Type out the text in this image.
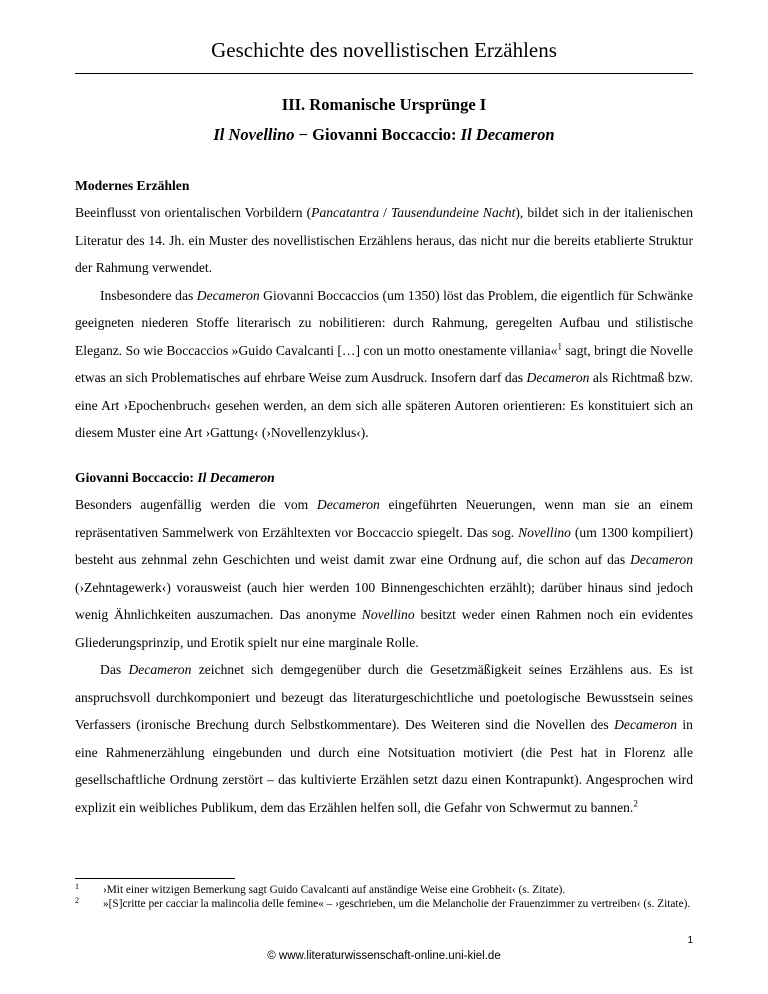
Geschichte des novellistischen Erzählens
III. Romanische Ursprünge I
Il Novellino − Giovanni Boccaccio: Il Decameron

Modernes Erzählen

Beeinflusst von orientalischen Vorbildern (Pancatantra / Tausendundeine Nacht), bildet sich in der italienischen Literatur des 14. Jh. ein Muster des novellistischen Erzählens heraus, das nicht nur die bereits etablierte Struktur der Rahmung verwendet.

Insbesondere das Decameron Giovanni Boccaccios (um 1350) löst das Problem, die eigentlich für Schwänke geeigneten niederen Stoffe literarisch zu nobilitieren: durch Rahmung, geregelten Aufbau und stilistische Eleganz. So wie Boccaccios »Guido Cavalcanti […] con un motto onestamente villania«$^1$ sagt, bringt die Novelle etwas an sich Problematisches auf ehrbare Weise zum Ausdruck. Insofern darf das Decameron als Richtmaß bzw. eine Art ›Epochenbruch‹ gesehen werden, an dem sich alle späteren Autoren orientieren: Es konstituiert sich an diesem Muster eine Art ›Gattung‹ (›Novellenzyklus‹).

Giovanni Boccaccio: Il Decameron

Besonders augenfällig werden die vom Decameron eingeführten Neuerungen, wenn man sie an einem repräsentativen Sammelwerk von Erzähltexten vor Boccaccio spiegelt. Das sog. Novellino (um 1300 kompiliert) besteht aus zehnmal zehn Geschichten und weist damit zwar eine Ordnung auf, die schon auf das Decameron (›Zehntagewerk‹) vorausweist (auch hier werden 100 Binnengeschichten erzählt); darüber hinaus sind jedoch wenig Ähnlichkeiten auszumachen. Das anonyme Novellino besitzt weder einen Rahmen noch ein evidentes Gliederungsprinzip, und Erotik spielt nur eine marginale Rolle.

Das Decameron zeichnet sich demgegenüber durch die Gesetzmäßigkeit seines Erzählens aus. Es ist anspruchsvoll durchkomponiert und bezeugt das literaturgeschichtliche und poetologische Bewusstsein seines Verfassers (ironische Brechung durch Selbstkommentare). Des Weiteren sind die Novellen des Decameron in eine Rahmenerzählung eingebunden und durch eine Notsituation motiviert (die Pest hat in Florenz alle gesellschaftliche Ordnung zerstört – das kultivierte Erzählen setzt dazu einen Kontrapunkt). Angesprochen wird explizit ein weibliches Publikum, dem das Erzählen helfen soll, die Gefahr von Schwermut zu bannen.$^2$

1 ›Mit einer witzigen Bemerkung sagt Guido Cavalcanti auf anständige Weise eine Grobheit‹ (s. Zitate).
2 »[S]critte per cacciar la malincolia delle femine« – ›geschrieben, um die Melancholie der Frauenzimmer zu vertreiben‹ (s. Zitate).
1
© www.literaturwissenschaft-online.uni-kiel.de
